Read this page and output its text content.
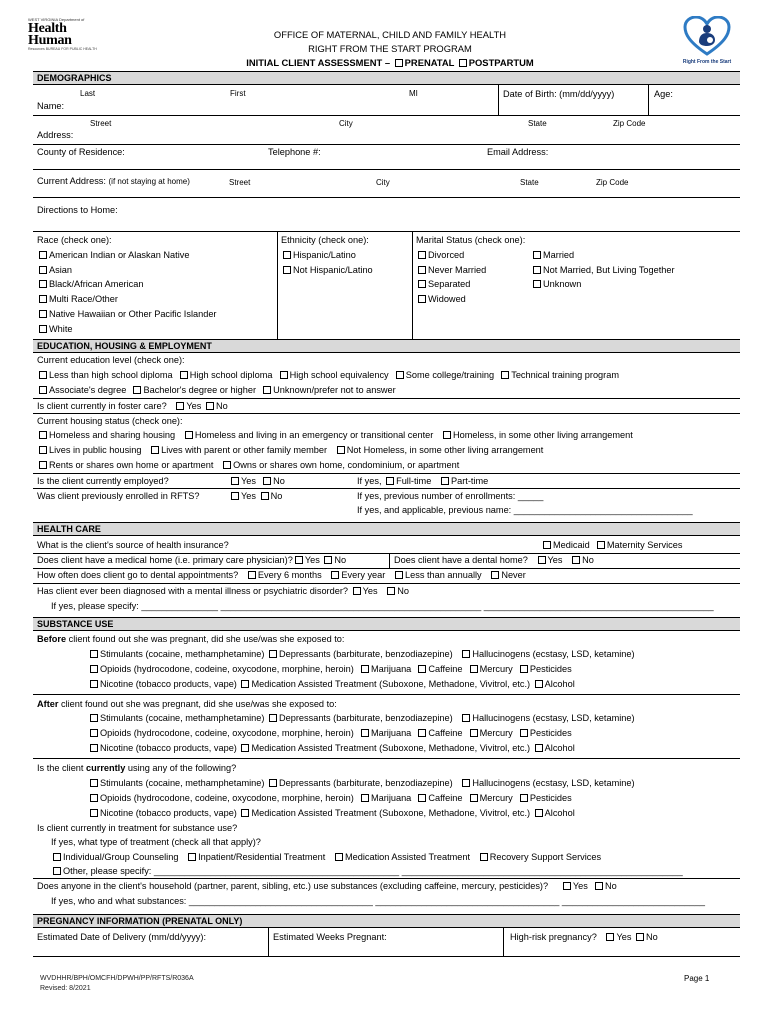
WEST VIRGINIA Department of
Health
Human
Resources BUREAU FOR PUBLIC HEALTH
OFFICE OF MATERNAL, CHILD AND FAMILY HEALTH
RIGHT FROM THE START PROGRAM
INITIAL CLIENT ASSESSMENT – PRENATAL POSTPARTUM	Right From the Start
DEMOGRAPHICS
Last	First	MI	Date of Birth: (mm/dd/yyyy)	Age:
Name:
Street	City	State	Zip Code
Address:
County of Residence:	Telephone #:	Email Address:
Current Address: (if not staying at home)	Street	City	State	Zip Code
Directions to Home:
Race (check one):
American Indian or Alaskan Native
Asian
Black/African American
Multi Race/Other
Native Hawaiian or Other Pacific Islander
White
Ethnicity (check one):
Hispanic/Latino
Not Hispanic/Latino
Marital Status (check one):
Divorced
Never Married
Separated
Widowed
Married
Not Married, But Living Together
Unknown
EDUCATION, HOUSING & EMPLOYMENT
Current education level (check one):
Less than high school diploma High school diploma High school equivalency Some college/training Technical training program
Associate's degree Bachelor's degree or higher Unknown/prefer not to answer
Is client currently in foster care? Yes No
Current housing status (check one):
Homeless and sharing housing Homeless and living in an emergency or transitional center Homeless, in some other living arrangement
Lives in public housing Lives with parent or other family member Not Homeless, in some other living arrangement
Rents or shares own home or apartment Owns or shares own home, condominium, or apartment
Is the client currently employed?	Yes No	If yes, Full-time Part-time
Was client previously enrolled in RFTS?	Yes No	If yes, previous number of enrollments: _____
If yes, and applicable, previous name: ___________________________________
HEALTH CARE
What is the client's source of health insurance?	Medicaid Maternity Services
Does client have a medical home (i.e. primary care physician)? Yes No	Does client have a dental home? Yes No
How often does client go to dental appointments? Every 6 months Every year Less than annually Never
Has client ever been diagnosed with a mental illness or psychiatric disorder? Yes No
If yes, please specify: _______________ ___________________________________________________ _____________________________________________
SUBSTANCE USE
Before client found out she was pregnant, did she use/was she exposed to:
Stimulants (cocaine, methamphetamine) Depressants (barbiturate, benzodiazepine) Hallucinogens (ecstasy, LSD, ketamine)
Opioids (hydrocodone, codeine, oxycodone, morphine, heroin) Marijuana Caffeine Mercury Pesticides
Nicotine (tobacco products, vape) Medication Assisted Treatment (Suboxone, Methadone, Vivitrol, etc.) Alcohol
After client found out she was pregnant, did she use/was she exposed to:
Stimulants (cocaine, methamphetamine) Depressants (barbiturate, benzodiazepine) Hallucinogens (ecstasy, LSD, ketamine)
Opioids (hydrocodone, codeine, oxycodone, morphine, heroin) Marijuana Caffeine Mercury Pesticides
Nicotine (tobacco products, vape) Medication Assisted Treatment (Suboxone, Methadone, Vivitrol, etc.) Alcohol
Is the client currently using any of the following?
Stimulants (cocaine, methamphetamine) Depressants (barbiturate, benzodiazepine) Hallucinogens (ecstasy, LSD, ketamine)
Opioids (hydrocodone, codeine, oxycodone, morphine, heroin) Marijuana Caffeine Mercury Pesticides
Nicotine (tobacco products, vape) Medication Assisted Treatment (Suboxone, Methadone, Vivitrol, etc.) Alcohol
Is client currently in treatment for substance use?
If yes, what type of treatment (check all that apply)?
Individual/Group Counseling Inpatient/Residential Treatment Medication Assisted Treatment Recovery Support Services
Other, please specify: ________________________________________________ _______________________________________________________
Does anyone in the client's household (partner, parent, sibling, etc.) use substances (excluding caffeine, mercury, pesticides)?	Yes No
If yes, who and what substances: ____________________________________ ____________________________________ ____________________________
PREGNANCY INFORMATION (PRENATAL ONLY)
Estimated Date of Delivery (mm/dd/yyyy):	Estimated Weeks Pregnant:	High-risk pregnancy? Yes No
WVDHHR/BPH/OMCFH/DPWH/PP/RFTS/R036A
Revised: 8/2021
Page 1
